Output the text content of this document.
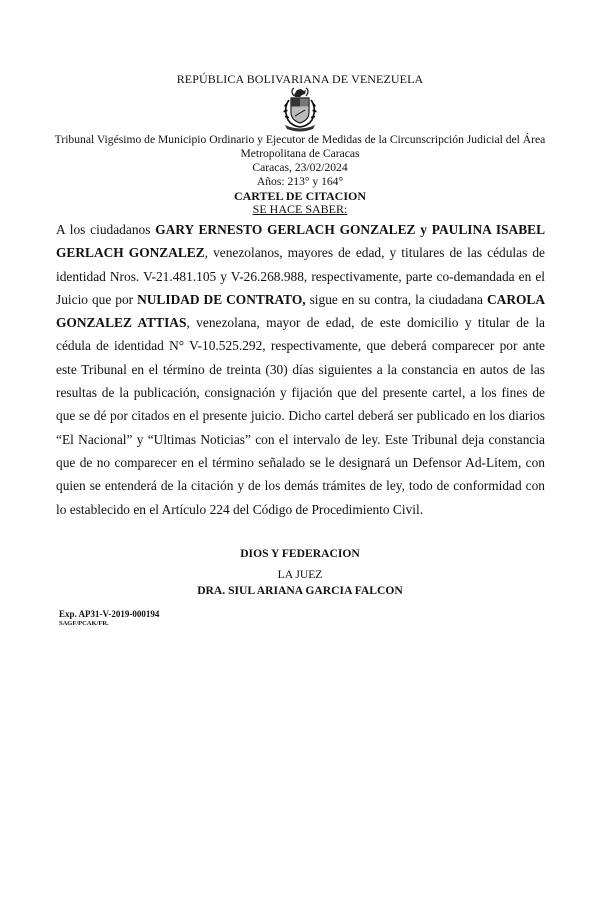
REPÚBLICA BOLIVARIANA DE VENEZUELA
Tribunal Vigésimo de Municipio Ordinario y Ejecutor de Medidas de la Circunscripción Judicial del Área Metropolitana de Caracas
Caracas, 23/02/2024
Años: 213° y 164°
CARTEL DE CITACION
SE HACE SABER:
A los ciudadanos GARY ERNESTO GERLACH GONZALEZ y PAULINA ISABEL GERLACH GONZALEZ, venezolanos, mayores de edad, y titulares de las cédulas de identidad Nros. V-21.481.105 y V-26.268.988, respectivamente, parte co-demandada en el Juicio que por NULIDAD DE CONTRATO, sigue en su contra, la ciudadana CAROLA GONZALEZ ATTIAS, venezolana, mayor de edad, de este domicilio y titular de la cédula de identidad N° V-10.525.292, respectivamente, que deberá comparecer por ante este Tribunal en el término de treinta (30) días siguientes a la constancia en autos de las resultas de la publicación, consignación y fijación que del presente cartel, a los fines de que se dé por citados en el presente juicio. Dicho cartel deberá ser publicado en los diarios “El Nacional” y “Ultimas Noticias” con el intervalo de ley. Este Tribunal deja constancia que de no comparecer en el término señalado se le designará un Defensor Ad-Litem, con quien se entenderá de la citación y de los demás trámites de ley, todo de conformidad con lo establecido en el Artículo 224 del Código de Procedimiento Civil.
DIOS Y FEDERACION
LA JUEZ
DRA. SIUL ARIANA GARCIA FALCON
Exp. AP31-V-2019-000194
SAGF/PCAK/FR.
